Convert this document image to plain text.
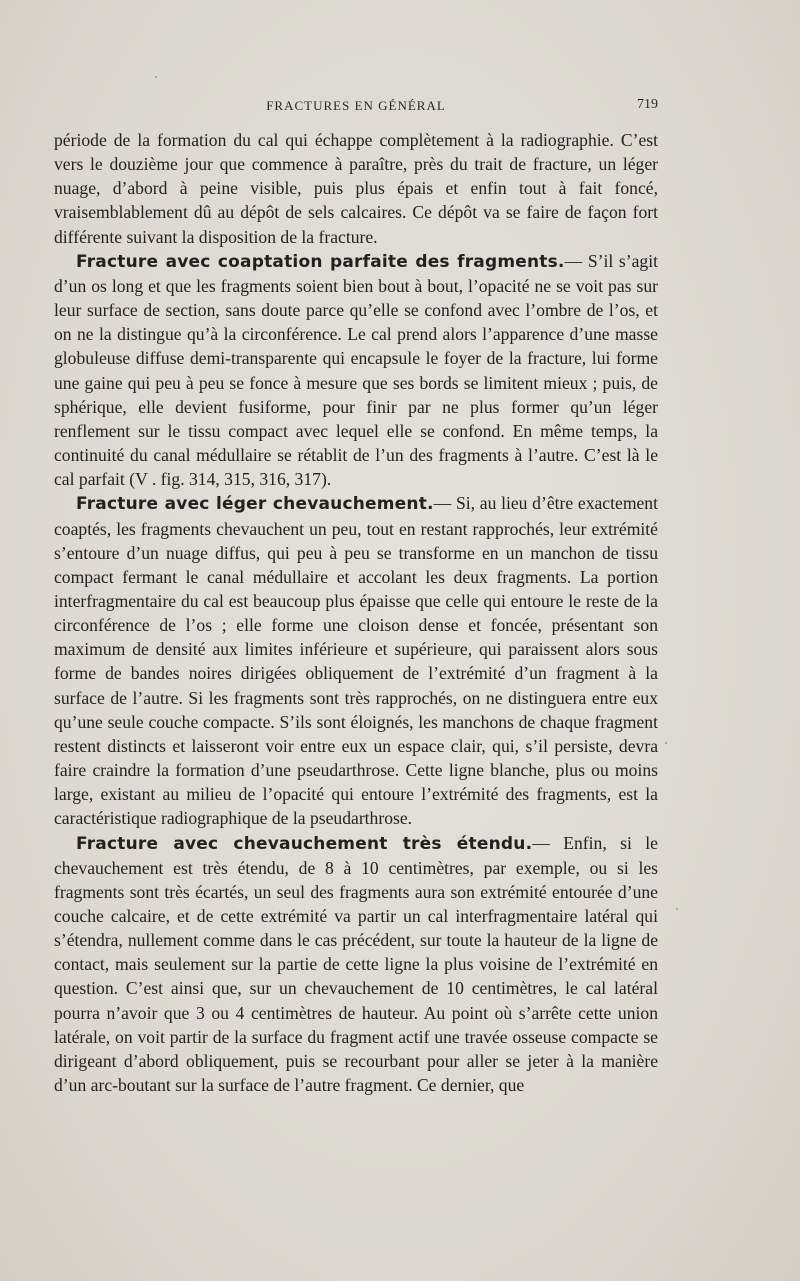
FRACTURES EN GÉNÉRAL	719

période de la formation du cal qui échappe complètement à la radiographie. C’est vers le douzième jour que commence à paraître, près du trait de fracture, un léger nuage, d’abord à peine visible, puis plus épais et enfin tout à fait foncé, vraisemblablement dû au dépôt de sels calcaires. Ce dépôt va se faire de façon fort différente suivant la disposition de la fracture.

Fracture avec coaptation parfaite des fragments.— S’il s’agit d’un os long et que les fragments soient bien bout à bout, l’opacité ne se voit pas sur leur surface de section, sans doute parce qu’elle se confond avec l’ombre de l’os, et on ne la distingue qu’à la circonférence. Le cal prend alors l’apparence d’une masse globuleuse diffuse demi-transparente qui encapsule le foyer de la fracture, lui forme une gaine qui peu à peu se fonce à mesure que ses bords se limitent mieux ; puis, de sphérique, elle devient fusiforme, pour finir par ne plus former qu’un léger renflement sur le tissu compact avec lequel elle se confond. En même temps, la continuité du canal médullaire se rétablit de l’un des fragments à l’autre. C’est là le cal parfait (V . fig. 314, 315, 316, 317).

Fracture avec léger chevauchement.— Si, au lieu d’être exactement coaptés, les fragments chevauchent un peu, tout en restant rapprochés, leur extrémité s’entoure d’un nuage diffus, qui peu à peu se transforme en un manchon de tissu compact fermant le canal médullaire et accolant les deux fragments. La portion interfragmentaire du cal est beaucoup plus épaisse que celle qui entoure le reste de la circonférence de l’os ; elle forme une cloison dense et foncée, présentant son maximum de densité aux limites inférieure et supérieure, qui paraissent alors sous forme de bandes noires dirigées obliquement de l’extrémité d’un fragment à la surface de l’autre. Si les fragments sont très rapprochés, on ne distinguera entre eux qu’une seule couche compacte. S’ils sont éloignés, les manchons de chaque fragment restent distincts et laisseront voir entre eux un espace clair, qui, s’il persiste, devra faire craindre la formation d’une pseudarthrose. Cette ligne blanche, plus ou moins large, existant au milieu de l’opacité qui entoure l’extrémité des fragments, est la caractéristique radiographique de la pseudarthrose.

Fracture avec chevauchement très étendu.— Enfin, si le chevauchement est très étendu, de 8 à 10 centimètres, par exemple, ou si les fragments sont très écartés, un seul des fragments aura son extrémité entourée d’une couche calcaire, et de cette extrémité va partir un cal interfragmentaire latéral qui s’étendra, nullement comme dans le cas précédent, sur toute la hauteur de la ligne de contact, mais seulement sur la partie de cette ligne la plus voisine de l’extrémité en question. C’est ainsi que, sur un chevauchement de 10 centimètres, le cal latéral pourra n’avoir que 3 ou 4 centimètres de hauteur. Au point où s’arrête cette union latérale, on voit partir de la surface du fragment actif une travée osseuse compacte se dirigeant d’abord obliquement, puis se recourbant pour aller se jeter à la manière d’un arc-boutant sur la surface de l’autre fragment. Ce dernier, que
